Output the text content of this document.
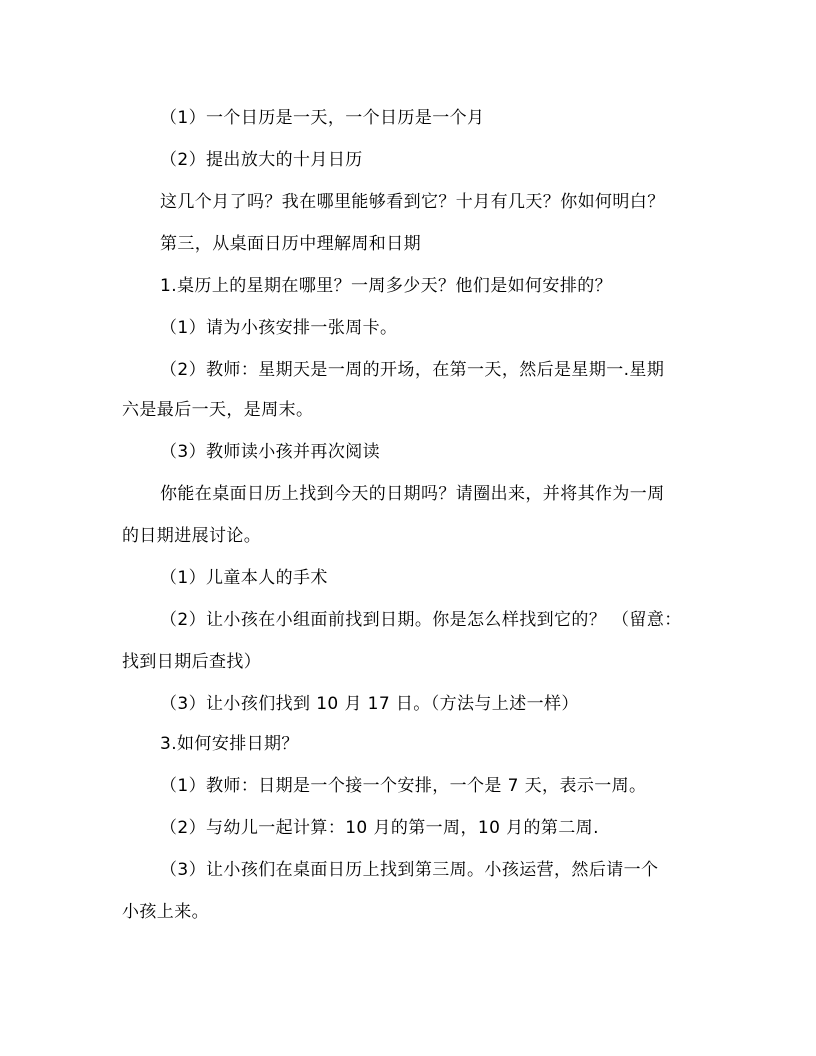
（1）一个日历是一天，一个日历是一个月
（2）提出放大的十月日历
这几个月了吗？我在哪里能够看到它？十月有几天？你如何明白？
第三，从桌面日历中理解周和日期
1.桌历上的星期在哪里？一周多少天？他们是如何安排的？
（1）请为小孩安排一张周卡。
（2）教师：星期天是一周的开场，在第一天，然后是星期一.星期
六是最后一天，是周末。
（3）教师读小孩并再次阅读
你能在桌面日历上找到今天的日期吗？请圈出来，并将其作为一周
的日期进展讨论。
（1）儿童本人的手术
（2）让小孩在小组面前找到日期。你是怎么样找到它的？ （留意：
找到日期后查找）
（3）让小孩们找到 10 月 17 日。（方法与上述一样）
3.如何安排日期？
（1）教师：日期是一个接一个安排，一个是 7 天，表示一周。
（2）与幼儿一起计算：10 月的第一周，10 月的第二周.
（3）让小孩们在桌面日历上找到第三周。小孩运营，然后请一个
小孩上来。
